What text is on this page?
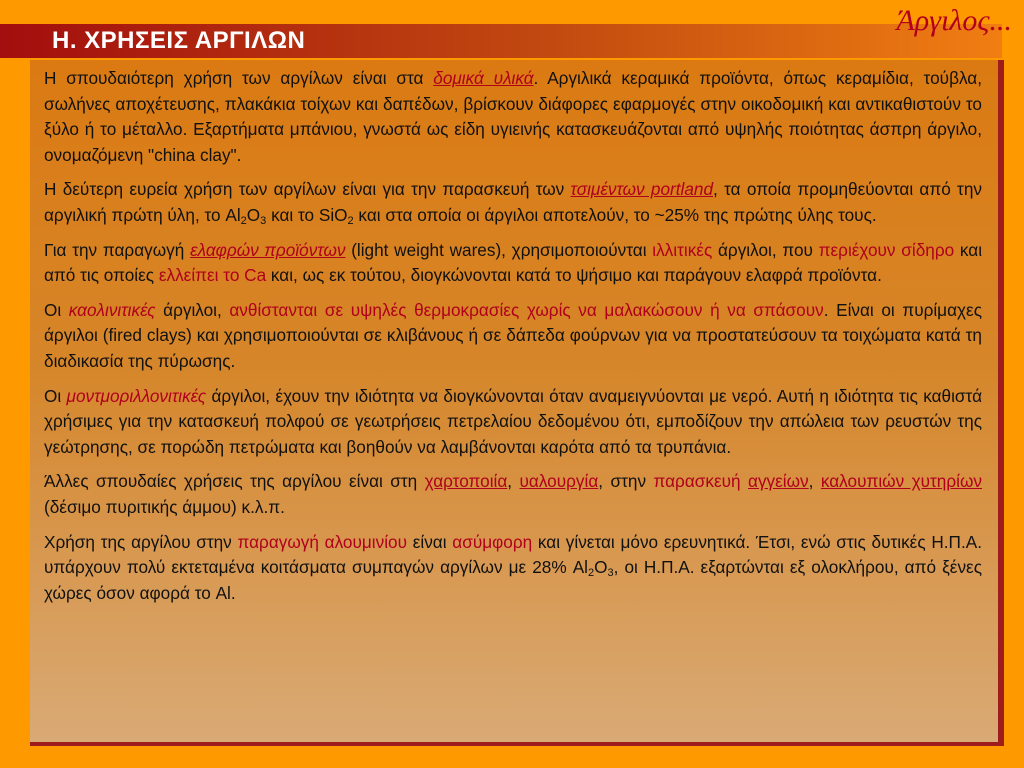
Η. ΧΡΗΣΕΙΣ ΑΡΓΙΛΩΝ
Άργιλος...

Η σπουδαιότερη χρήση των αργίλων είναι στα δομικά υλικά. Αργιλικά κεραμικά προϊόντα, όπως κεραμίδια, τούβλα, σωλήνες αποχέτευσης, πλακάκια τοίχων και δαπέδων, βρίσκουν διάφορες εφαρμογές στην οικοδομική και αντικαθιστούν το ξύλο ή το μέταλλο. Εξαρτήματα μπάνιου, γνωστά ως είδη υγιεινής κατασκευάζονται από υψηλής ποιότητας άσπρη άργιλο, ονομαζόμενη "china clay".

Η δεύτερη ευρεία χρήση των αργίλων είναι για την παρασκευή των τσιμέντων portland, τα οποία προμηθεύονται από την αργιλική πρώτη ύλη, το $Al_2O_3$ και το SiO$_2$ και στα οποία οι άργιλοι αποτελούν, το ~25% της πρώτης ύλης τους.

Για την παραγωγή ελαφρών προϊόντων (light weight wares), χρησιμοποιούνται ιλλιτικές άργιλοι, που περιέχουν σίδηρο και από τις οποίες ελλείπει το Ca και, ως εκ τούτου, διογκώνονται κατά το ψήσιμο και παράγουν ελαφρά προϊόντα.

Οι καολινιτικές άργιλοι, ανθίστανται σε υψηλές θερμοκρασίες χωρίς να μαλακώσουν ή να σπάσουν. Είναι οι πυρίμαχες άργιλοι (fired clays) και χρησιμοποιούνται σε κλιβάνους ή σε δάπεδα φούρνων για να προστατεύσουν τα τοιχώματα κατά τη διαδικασία της πύρωσης.

Οι μοντμοριλλονιτικές άργιλοι, έχουν την ιδιότητα να διογκώνονται όταν αναμειγνύονται με νερό. Αυτή η ιδιότητα τις καθιστά χρήσιμες για την κατασκευή πολφού σε γεωτρήσεις πετρελαίου δεδομένου ότι, εμποδίζουν την απώλεια των ρευστών της γεώτρησης, σε πορώδη πετρώματα και βοηθούν να λαμβάνονται καρότα από τα τρυπάνια.

Άλλες σπουδαίες χρήσεις της αργίλου είναι στη χαρτοποιία, υαλουργία, στην παρασκευή αγγείων, καλουπιών χυτηρίων (δέσιμο πυριτικής άμμου) κ.λ.π.

Χρήση της αργίλου στην παραγωγή αλουμινίου είναι ασύμφορη και γίνεται μόνο ερευνητικά. Έτσι, ενώ στις δυτικές Η.Π.Α. υπάρχουν πολύ εκτεταμένα κοιτάσματα συμπαγών αργίλων με 28% $Al_2O_3$, οι Η.Π.Α. εξαρτώνται εξ ολοκλήρου, από ξένες χώρες όσον αφορά το Al.
